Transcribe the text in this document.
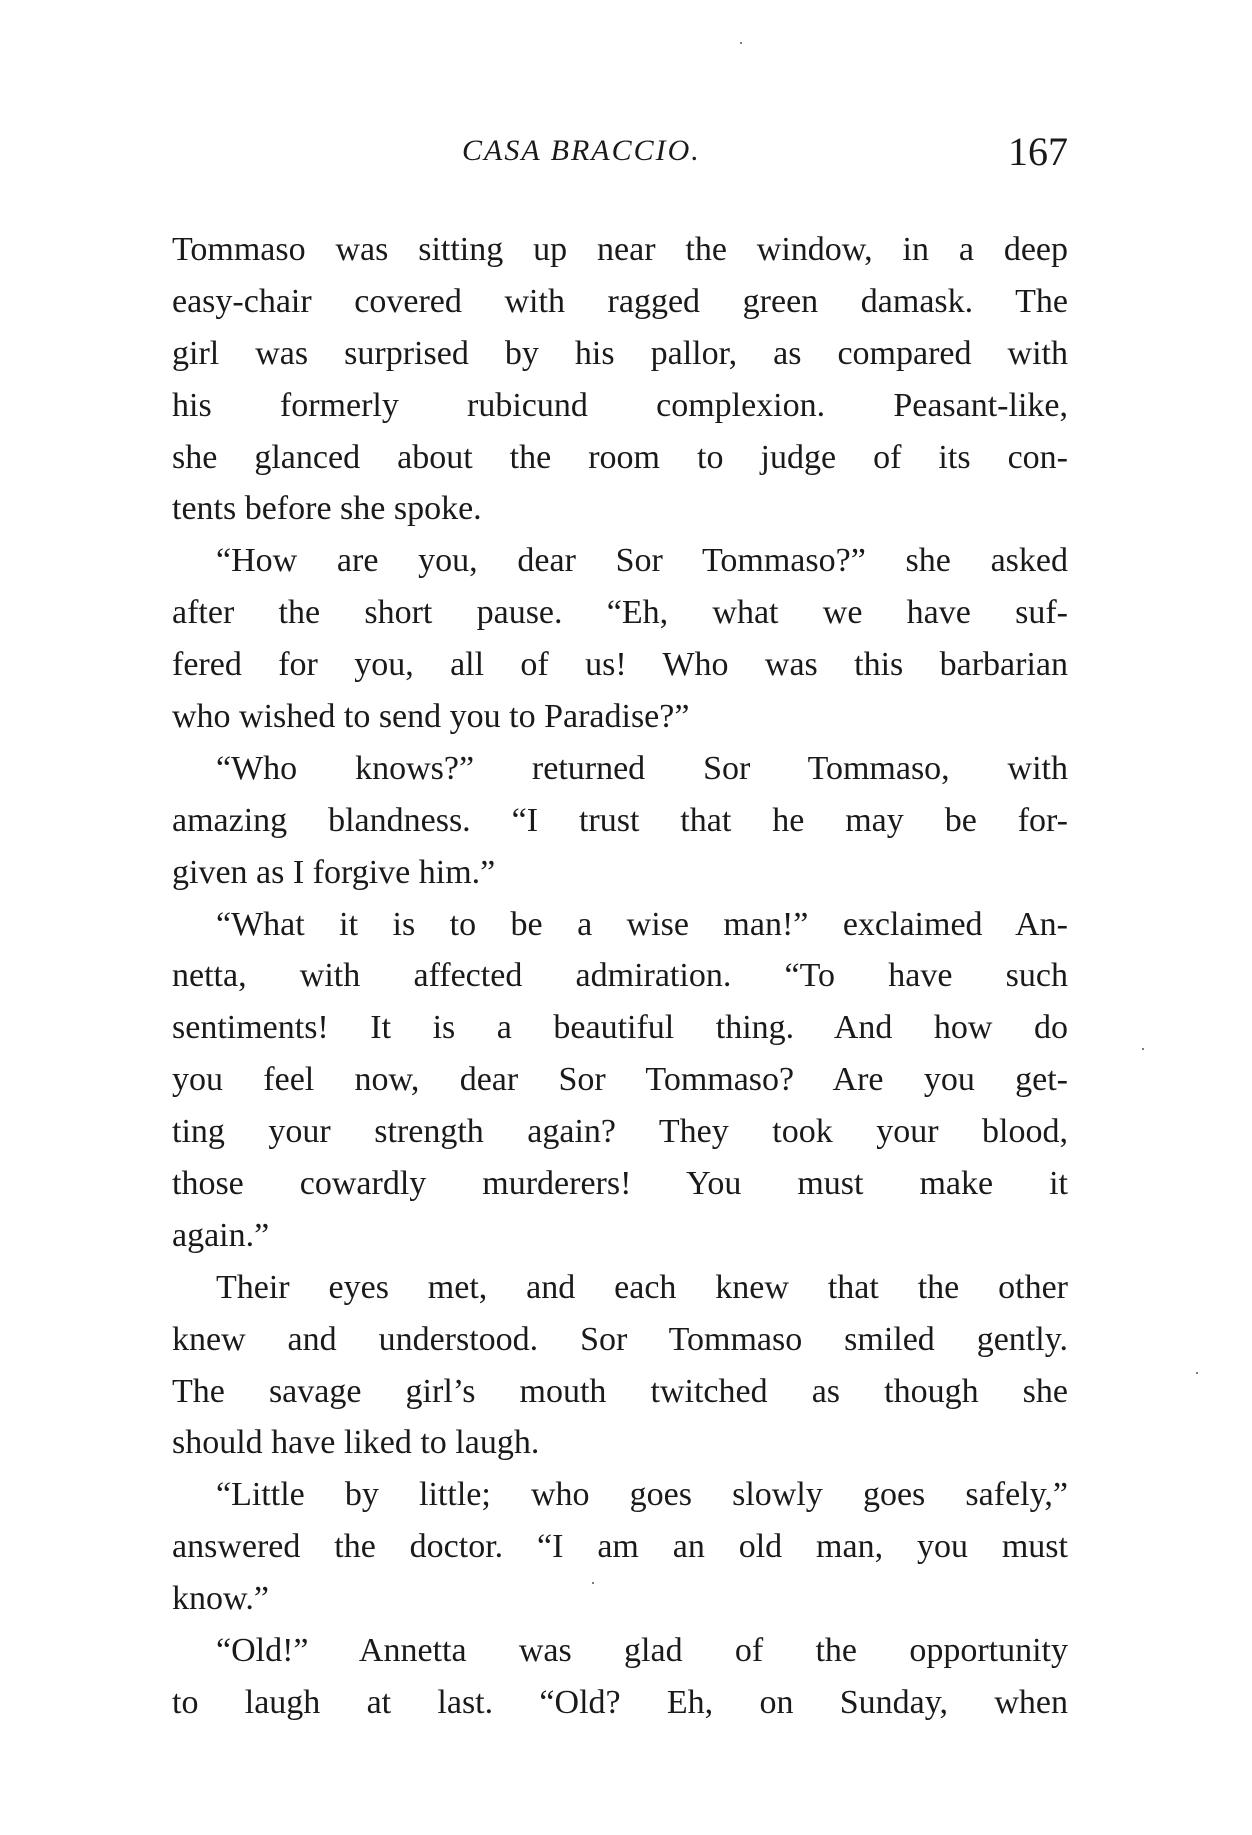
CASA BRACCIO.	167
Tommaso was sitting up near the window, in a deep
easy-chair covered with ragged green damask. The
girl was surprised by his pallor, as compared with
his formerly rubicund complexion. Peasant-like,
she glanced about the room to judge of its con-
tents before she spoke.
“How are you, dear Sor Tommaso?” she asked
after the short pause. “Eh, what we have suf-
fered for you, all of us! Who was this barbarian
who wished to send you to Paradise?”
“Who knows?” returned Sor Tommaso, with
amazing blandness. “I trust that he may be for-
given as I forgive him.”
“What it is to be a wise man!” exclaimed An-
netta, with affected admiration. “To have such
sentiments! It is a beautiful thing. And how do
you feel now, dear Sor Tommaso? Are you get-
ting your strength again? They took your blood,
those cowardly murderers! You must make it
again.”
Their eyes met, and each knew that the other
knew and understood. Sor Tommaso smiled gently.
The savage girl’s mouth twitched as though she
should have liked to laugh.
“Little by little; who goes slowly goes safely,”
answered the doctor. “I am an old man, you must
know.”
“Old!” Annetta was glad of the opportunity
to laugh at last. “Old? Eh, on Sunday, when
